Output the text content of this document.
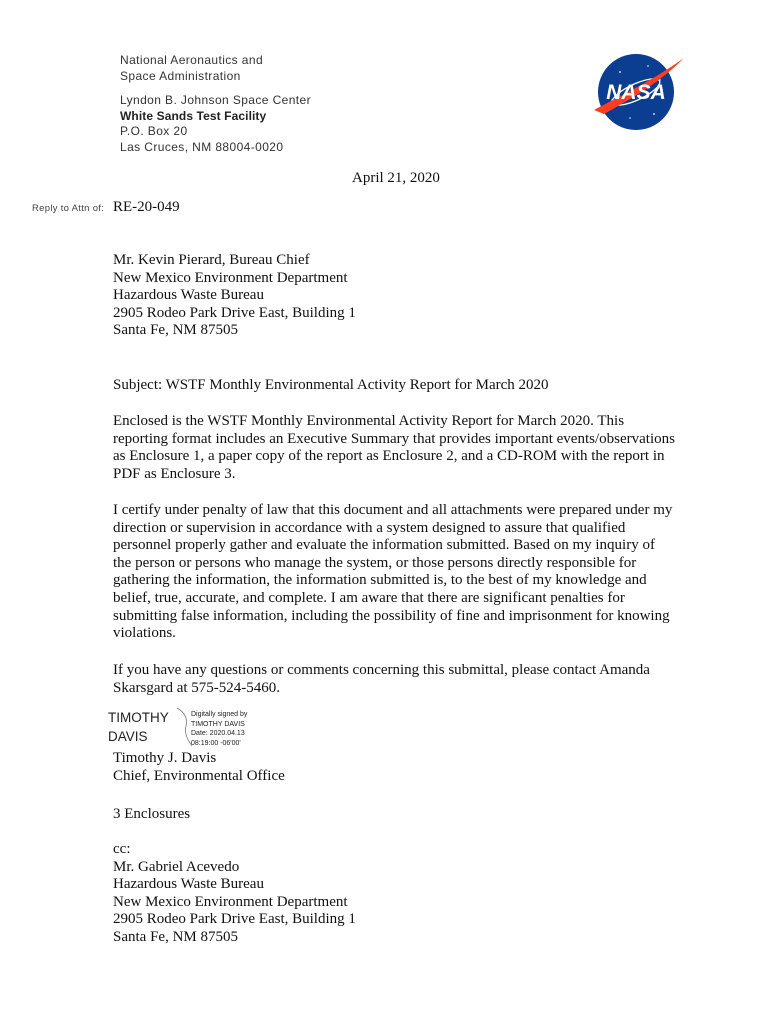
National Aeronautics and
Space Administration
Lyndon B. Johnson Space Center
White Sands Test Facility
P.O. Box 20
Las Cruces, NM 88004-0020
NASA
April 21, 2020
Reply to Attn of: RE-20-049
Mr. Kevin Pierard, Bureau Chief
New Mexico Environment Department
Hazardous Waste Bureau
2905 Rodeo Park Drive East, Building 1
Santa Fe, NM 87505
Subject: WSTF Monthly Environmental Activity Report for March 2020
Enclosed is the WSTF Monthly Environmental Activity Report for March 2020. This
reporting format includes an Executive Summary that provides important events/observations
as Enclosure 1, a paper copy of the report as Enclosure 2, and a CD-ROM with the report in
PDF as Enclosure 3.
I certify under penalty of law that this document and all attachments were prepared under my
direction or supervision in accordance with a system designed to assure that qualified
personnel properly gather and evaluate the information submitted. Based on my inquiry of
the person or persons who manage the system, or those persons directly responsible for
gathering the information, the information submitted is, to the best of my knowledge and
belief, true, accurate, and complete. I am aware that there are significant penalties for
submitting false information, including the possibility of fine and imprisonment for knowing
violations.
If you have any questions or comments concerning this submittal, please contact Amanda
Skarsgard at 575-524-5460.
TIMOTHY
DAVIS
Digitally signed by
TIMOTHY DAVIS
Date: 2020.04.13
08:19:00 -06'00'
Timothy J. Davis
Chief, Environmental Office
3 Enclosures
cc:
Mr. Gabriel Acevedo
Hazardous Waste Bureau
New Mexico Environment Department
2905 Rodeo Park Drive East, Building 1
Santa Fe, NM 87505
